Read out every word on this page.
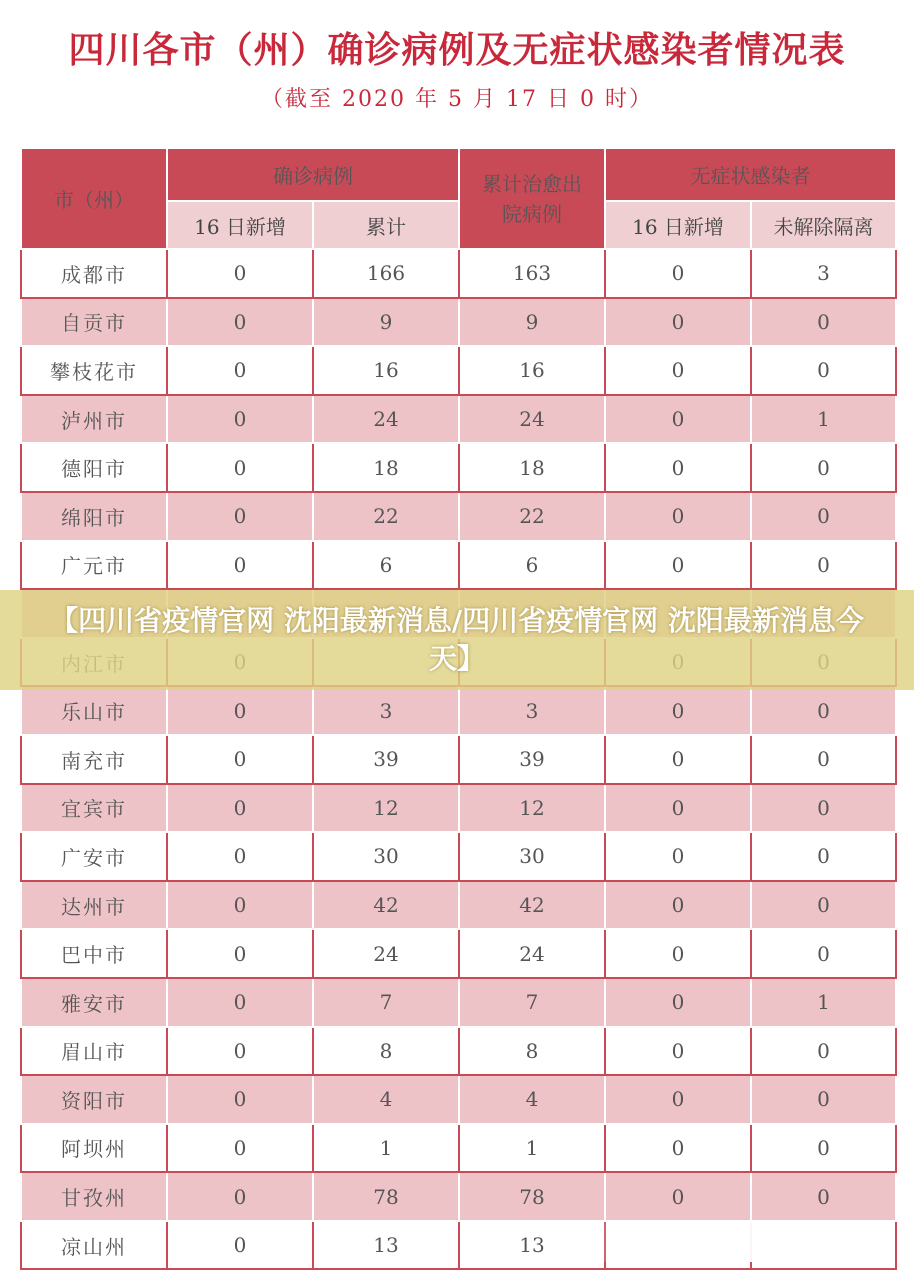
四川各市（州）确诊病例及无症状感染者情况表
（截至 2020 年 5 月 17 日 0 时）
市（州）	确诊病例		累计治愈出院病例	无症状感染者	
	16 日新增	累计		16 日新增	未解除隔离
成都市	0	166	163	0	3
自贡市	0	9	9	0	0
攀枝花市	0	16	16	0	0
泸州市	0	24	24	0	1
德阳市	0	18	18	0	0
绵阳市	0	22	22	0	0
广元市	0	6	6	0	0

乐山市	0	3	3	0	0
南充市	0	39	39	0	0
宜宾市	0	12	12	0	0
广安市	0	30	30	0	0
达州市	0	42	42	0	0
巴中市	0	24	24	0	0
雅安市	0	7	7	0	1
眉山市	0	8	8	0	0
资阳市	0	4	4	0	0
阿坝州	0	1	1	0	0
甘孜州	0	78	78	0	0
凉山州	0	13	13		
【四川省疫情官网 沈阳最新消息/四川省疫情官网 沈阳最新消息今天】
